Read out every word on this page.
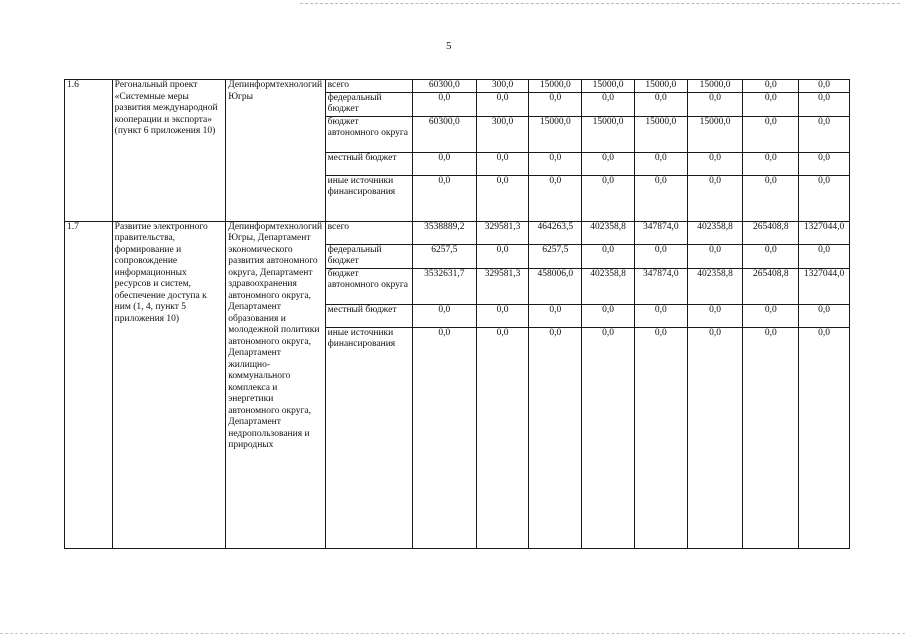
5
1.6	Регональный проект «Системные меры развития международной кооперации и экспорта» (пункт 6 приложения 10)	Депинформтехнологий Югры	всего	60300,0	300,0	15000,0	15000,0	15000,0	15000,0	0,0	0,0
			федеральный бюджет	0,0	0,0	0,0	0,0	0,0	0,0	0,0	0,0
			бюджет автономного округа	60300,0	300,0	15000,0	15000,0	15000,0	15000,0	0,0	0,0
			местный бюджет	0,0	0,0	0,0	0,0	0,0	0,0	0,0	0,0
			иные источники финансирования	0,0	0,0	0,0	0,0	0,0	0,0	0,0	0,0
1.7	Развитие электронного правительства, формирование и сопровождение информационных ресурсов и систем, обеспечение доступа к ним (1, 4, пункт 5 приложения 10)	Депинформтехнологий Югры, Департамент экономического развития автономного округа, Департамент здравоохранения автономного округа, Департамент образования и молодежной политики автономного округа, Департамент жилищно-коммунального комплекса и энергетики автономного округа, Департамент недропользования и природных	всего	3538889,2	329581,3	464263,5	402358,8	347874,0	402358,8	265408,8	1327044,0
			федеральный бюджет	6257,5	0,0	6257,5	0,0	0,0	0,0	0,0	0,0
			бюджет автономного округа	3532631,7	329581,3	458006,0	402358,8	347874,0	402358,8	265408,8	1327044,0
			местный бюджет	0,0	0,0	0,0	0,0	0,0	0,0	0,0	0,0
			иные источники финансирования	0,0	0,0	0,0	0,0	0,0	0,0	0,0	0,0
